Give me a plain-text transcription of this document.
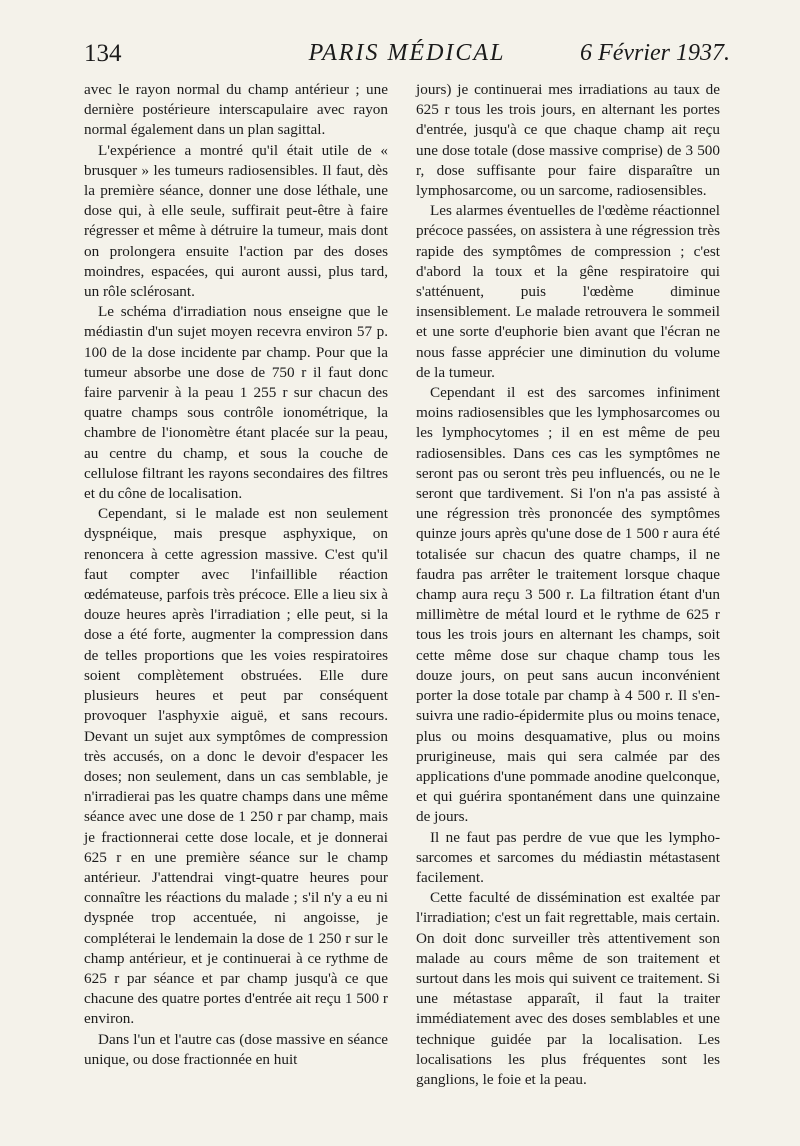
134	PARIS MÉDICAL	6 Février 1937.

avec le rayon normal du champ antérieur ; une dernière postérieure interscapulaire avec rayon normal également dans un plan sagittal.

L'expérience a montré qu'il était utile de « brusquer » les tumeurs radiosensibles. Il faut, dès la première séance, donner une dose léthale, une dose qui, à elle seule, suffirait peut-être à faire régresser et même à détruire la tumeur, mais dont on prolongera ensuite l'action par des doses moindres, espacées, qui auront aussi, plus tard, un rôle sclérosant.

Le schéma d'irradiation nous enseigne que le médiastin d'un sujet moyen recevra environ 57 p. 100 de la dose incidente par champ. Pour que la tumeur absorbe une dose de 750 r il faut donc faire parvenir à la peau 1 255 r sur chacun des quatre champs sous contrôle ionométrique, la chambre de l'ionomètre étant placée sur la peau, au centre du champ, et sous la couche de cellulose filtrant les rayons secondaires des filtres et du cône de localisation.

Cependant, si le malade est non seulement dyspnéique, mais presque asphyxique, on renoncera à cette agression massive. C'est qu'il faut compter avec l'infaillible réaction œdémateuse, parfois très précoce. Elle a lieu six à douze heures après l'irradiation ; elle peut, si la dose a été forte, augmenter la compression dans de telles proportions que les voies respiratoires soient complètement obstruées. Elle dure plusieurs heures et peut par conséquent provoquer l'asphyxie aiguë, et sans recours. Devant un sujet aux symptômes de compression très accusés, on a donc le devoir d'espacer les doses; non seulement, dans un cas semblable, je n'irradierai pas les quatre champs dans une même séance avec une dose de 1 250 r par champ, mais je fractionnerai cette dose locale, et je donnerai 625 r en une première séance sur le champ antérieur. J'attendrai vingt-quatre heures pour connaître les réactions du malade ; s'il n'y a eu ni dyspnée trop accentuée, ni angoisse, je compléterai le lendemain la dose de 1 250 r sur le champ antérieur, et je continuerai à ce rythme de 625 r par séance et par champ jusqu'à ce que chacune des quatre portes d'entrée ait reçu 1 500 r environ.

Dans l'un et l'autre cas (dose massive en séance unique, ou dose fractionnée en huit

jours) je continuerai mes irradiations au taux de 625 r tous les trois jours, en alternant les portes d'entrée, jusqu'à ce que chaque champ ait reçu une dose totale (dose massive comprise) de 3 500 r, dose suffisante pour faire disparaître un lymphosarcome, ou un sarcome, radiosensibles.

Les alarmes éventuelles de l'œdème réactionnel précoce passées, on assistera à une régression très rapide des symptômes de compression ; c'est d'abord la toux et la gêne respiratoire qui s'atténuent, puis l'œdème diminue insensiblement. Le malade retrouvera le sommeil et une sorte d'euphorie bien avant que l'écran ne nous fasse apprécier une diminution du volume de la tumeur.

Cependant il est des sarcomes infiniment moins radiosensibles que les lymphosarcomes ou les lymphocytomes ; il en est même de peu radiosensibles. Dans ces cas les symptômes ne seront pas ou seront très peu influencés, ou ne le seront que tardivement. Si l'on n'a pas assisté à une régression très prononcée des symptômes quinze jours après qu'une dose de 1 500 r aura été totalisée sur chacun des quatre champs, il ne faudra pas arrêter le traitement lorsque chaque champ aura reçu 3 500 r. La filtration étant d'un millimètre de métal lourd et le rythme de 625 r tous les trois jours en alternant les champs, soit cette même dose sur chaque champ tous les douze jours, on peut sans aucun inconvénient porter la dose totale par champ à 4 500 r. Il s'ensuivra une radio-épidermite plus ou moins tenace, plus ou moins desquamative, plus ou moins prurigineuse, mais qui sera calmée par des applications d'une pommade anodine quelconque, et qui guérira spontanément dans une quinzaine de jours.

Il ne faut pas perdre de vue que les lymphosarcomes et sarcomes du médiastin métastasent facilement.

Cette faculté de dissémination est exaltée par l'irradiation; c'est un fait regrettable, mais certain. On doit donc surveiller très attentivement son malade au cours même de son traitement et surtout dans les mois qui suivent ce traitement. Si une métastase apparaît, il faut la traiter immédiatement avec des doses semblables et une technique guidée par la localisation. Les localisations les plus fréquentes sont les ganglions, le foie et la peau.
